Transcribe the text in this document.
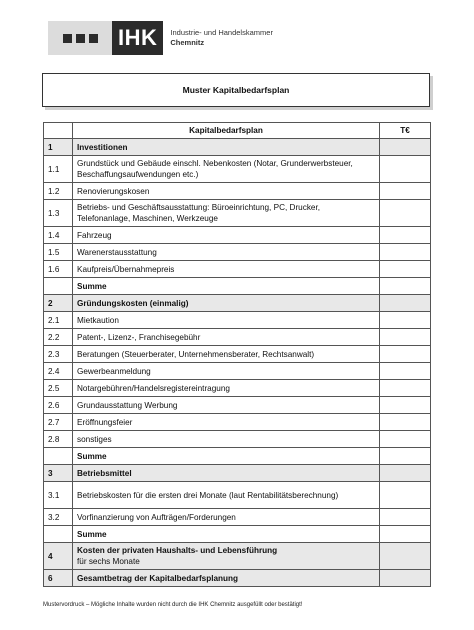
IHK	Industrie- und Handelskammer
Chemnitz
Muster Kapitalbedarfsplan
	Kapitalbedarfsplan	T€
1	Investitionen	
1.1	Grundstück und Gebäude einschl. Nebenkosten (Notar, Grunderwerbsteuer, Beschaffungsaufwendungen etc.)	
1.2	Renovierungskosen	
1.3	Betriebs- und Geschäftsausstattung: Büroeinrichtung, PC, Drucker, Telefonanlage, Maschinen, Werkzeuge	
1.4	Fahrzeug	
1.5	Warenerstausstattung	
1.6	Kaufpreis/Übernahmepreis	
	Summe	
2	Gründungskosten (einmalig)	
2.1	Mietkaution	
2.2	Patent-, Lizenz-, Franchisegebühr	
2.3	Beratungen (Steuerberater, Unternehmensberater, Rechtsanwalt)	
2.4	Gewerbeanmeldung	
2.5	Notargebühren/Handelsregistereintragung	
2.6	Grundausstattung Werbung	
2.7	Eröffnungsfeier	
2.8	sonstiges	
	Summe	
3	Betriebsmittel	
3.1	Betriebskosten für die ersten drei Monate (laut Rentabilitätsberechnung)	
3.2	Vorfinanzierung von Aufträgen/Forderungen	
	Summe	
4	Kosten der privaten Haushalts- und Lebensführung
für sechs Monate	

6	Gesamtbetrag der Kapitalbedarfsplanung	
Mustervordruck – Mögliche Inhalte wurden nicht durch die IHK Chemnitz ausgefüllt oder bestätigt!
